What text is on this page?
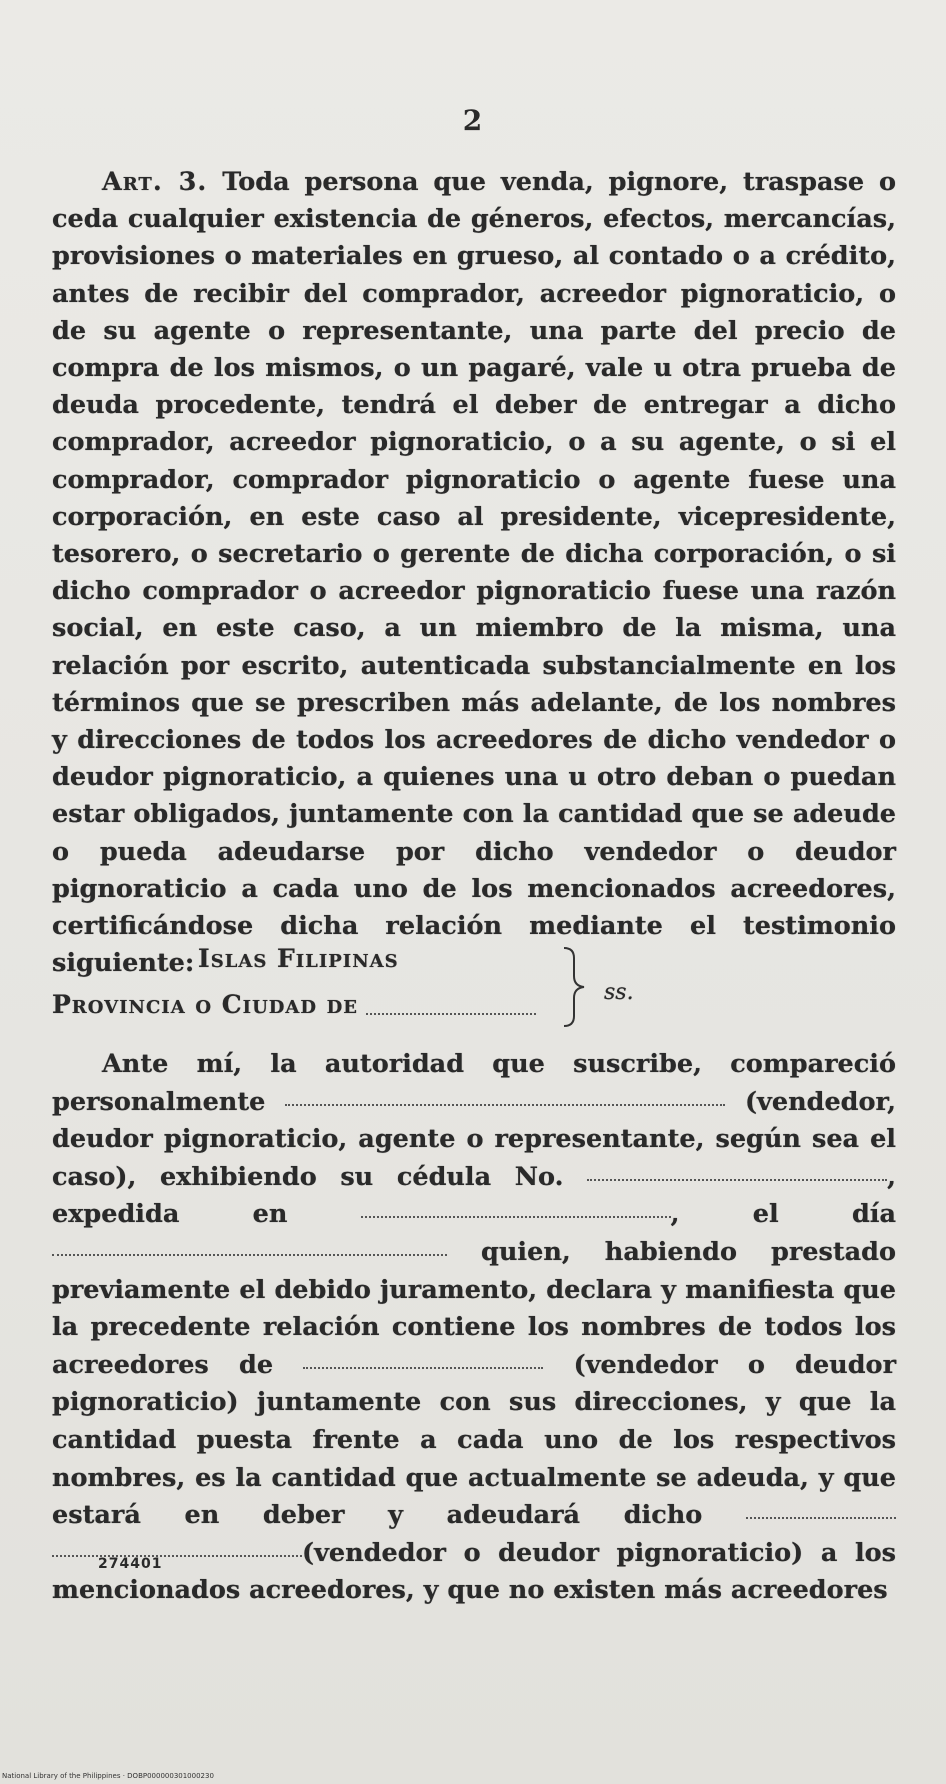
2

Art. 3. Toda persona que venda, pignore, traspase o ceda cualquier existencia de géneros, efectos, mercancías, provisiones o materiales en grueso, al contado o a crédito, antes de recibir del comprador, acreedor pignoraticio, o de su agente o representante, una parte del precio de compra de los mismos, o un pagaré, vale u otra prueba de deuda procedente, tendrá el deber de entregar a dicho comprador, acreedor pignoraticio, o a su agente, o si el comprador, comprador pignoraticio o agente fuese una corporación, en este caso al presidente, vicepresidente, tesorero, o secretario o gerente de dicha corporación, o si dicho comprador o acreedor pignoraticio fuese una razón social, en este caso, a un miembro de la misma, una relación por escrito, autenticada substancialmente en los términos que se prescriben más adelante, de los nombres y direcciones de todos los acreedores de dicho vendedor o deudor pignoraticio, a quienes una u otro deban o puedan estar obligados, juntamente con la cantidad que se adeude o pueda adeudarse por dicho vendedor o deudor pignoraticio a cada uno de los mencionados acreedores, certificándose dicha relación mediante el testimonio siguiente: Islas Filipinas
Provincia o Ciudad de	ss.

Ante mí, la autoridad que suscribe, compareció personalmente	(vendedor, deudor pignoraticio, agente o representante, según sea el caso), exhibiendo su cédula No.	, expedida en	, el día  quien, habiendo prestado previamente el debido juramento, declara y manifiesta que la precedente relación contiene los nombres de todos los acreedores de	(vendedor o deudor pignoraticio) juntamente con sus direcciones, y que la cantidad puesta frente a cada uno de los respectivos nombres, es la cantidad que actualmente se adeuda, y que estará en deber y adeudará dicho  (vendedor o deudor pignoraticio) a los mencionados acreedores, y que no existen más acreedores

274401
National Library of the Philippines · DOBP000000301000230
